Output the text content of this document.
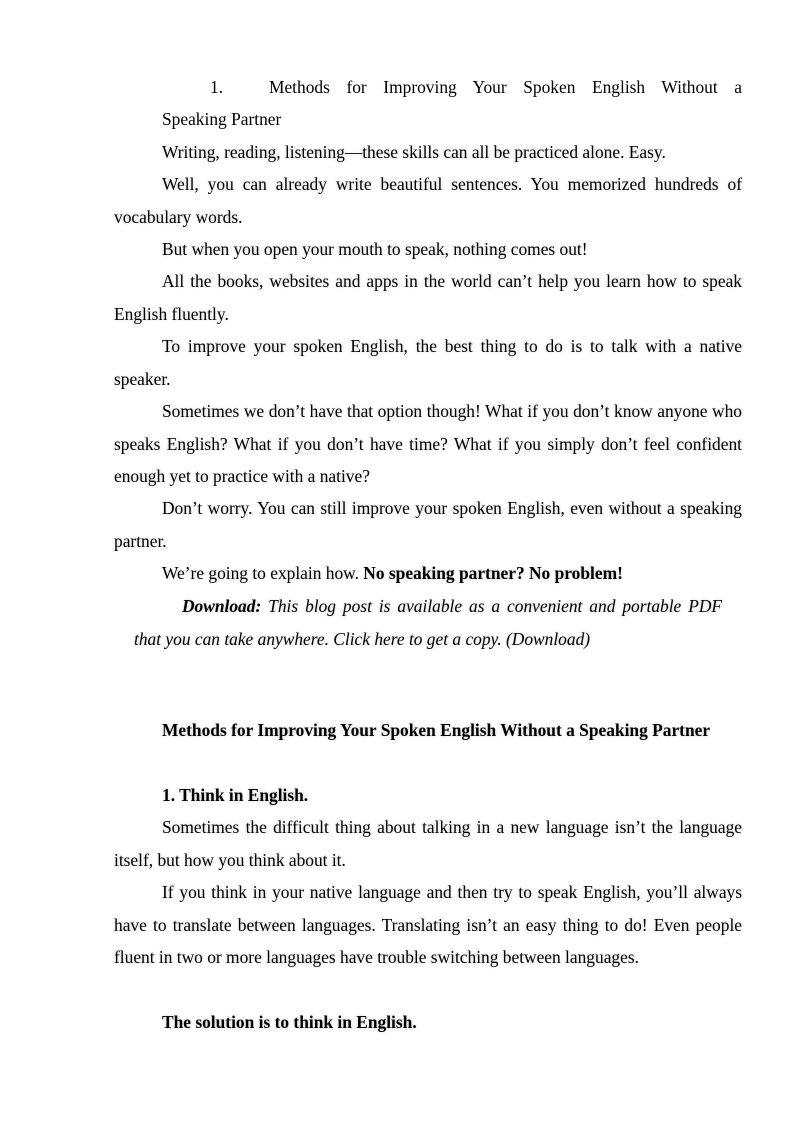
1.	Methods for Improving Your Spoken English Without a
Speaking Partner

Writing, reading, listening—these skills can all be practiced alone. Easy.

Well, you can already write beautiful sentences. You memorized hundreds of vocabulary words.

But when you open your mouth to speak, nothing comes out!

All the books, websites and apps in the world can’t help you learn how to speak English fluently.

To improve your spoken English, the best thing to do is to talk with a native speaker.

Sometimes we don’t have that option though! What if you don’t know anyone who speaks English? What if you don’t have time? What if you simply don’t feel confident enough yet to practice with a native?

Don’t worry. You can still improve your spoken English, even without a speaking partner.

We’re going to explain how. No speaking partner? No problem!

Download: This blog post is available as a convenient and portable PDF that you can take anywhere. Click here to get a copy. (Download)

Methods for Improving Your Spoken English Without a Speaking Partner

1. Think in English.

Sometimes the difficult thing about talking in a new language isn’t the language itself, but how you think about it.

If you think in your native language and then try to speak English, you’ll always have to translate between languages. Translating isn’t an easy thing to do! Even people fluent in two or more languages have trouble switching between languages.

The solution is to think in English.
